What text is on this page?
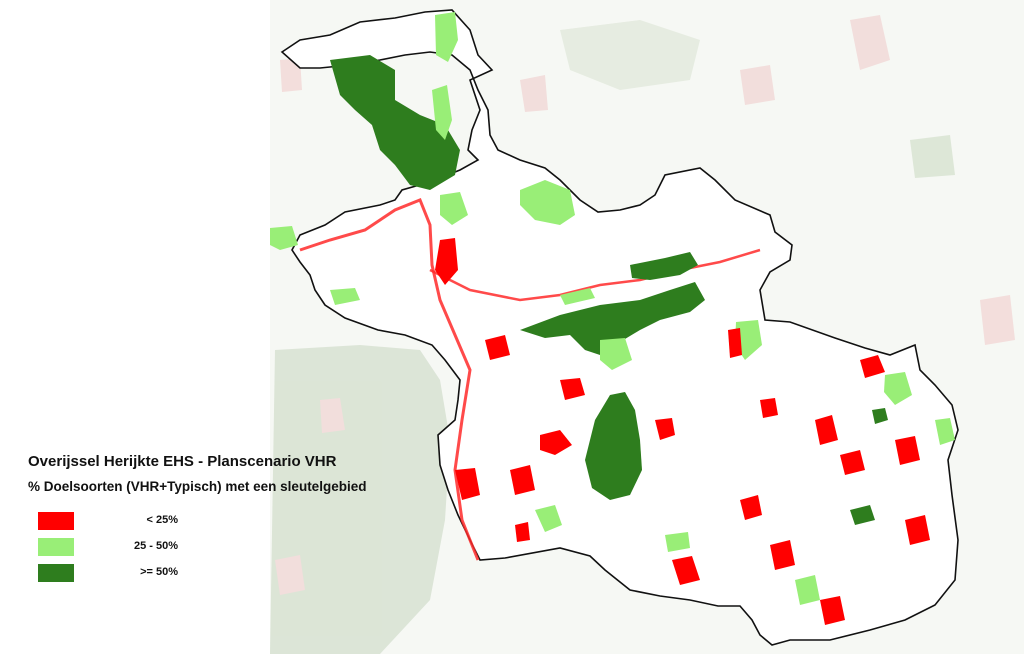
Overijssel Herijkte EHS - Planscenario VHR
% Doelsoorten (VHR+Typisch) met een sleutelgebied
< 25%
25 - 50%
>= 50%
